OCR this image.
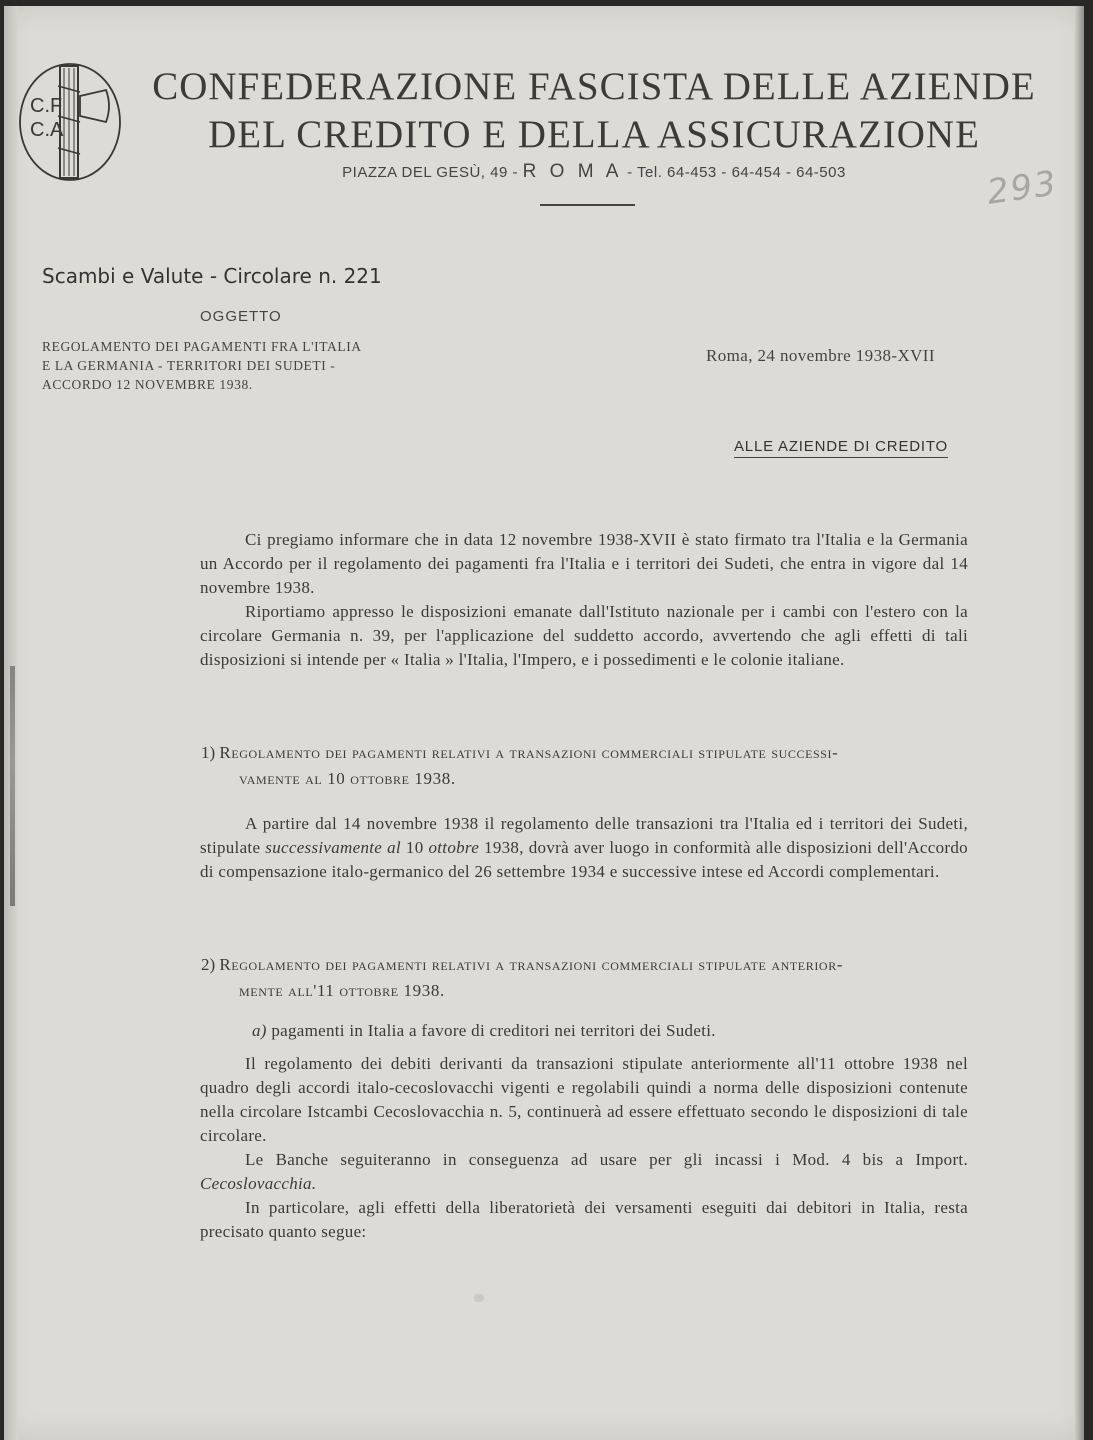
C.F
C.A
CONFEDERAZIONE FASCISTA DELLE AZIENDE
DEL CREDITO E DELLA ASSICURAZIONE
PIAZZA DEL GESÙ, 49 - R O M A - Tel. 64-453 - 64-454 - 64-503	293
Scambi e Valute - Circolare n. 221
OGGETTO
REGOLAMENTO DEI PAGAMENTI FRA L'ITALIA
E LA GERMANIA - TERRITORI DEI SUDETI -
ACCORDO 12 NOVEMBRE 1938.
Roma, 24 novembre 1938-XVII
ALLE AZIENDE DI CREDITO

Ci pregiamo informare che in data 12 novembre 1938-XVII è stato firmato tra l'Italia e la Germania un Accordo per il regolamento dei pagamenti fra l'Italia e i territori dei Sudeti, che entra in vigore dal 14 novembre 1938.

Riportiamo appresso le disposizioni emanate dall'Istituto nazionale per i cambi con l'estero con la circolare Germania n. 39, per l'applicazione del suddetto accordo, avvertendo che agli effetti di tali disposizioni si intende per « Italia » l'Italia, l'Impero, e i possedimenti e le colonie italiane.

1) Regolamento dei pagamenti relativi a transazioni commerciali stipulate successi-
vamente al 10 ottobre 1938.

A partire dal 14 novembre 1938 il regolamento delle transazioni tra l'Italia ed i territori dei Sudeti, stipulate successivamente al 10 ottobre 1938, dovrà aver luogo in conformità alle disposizioni dell'Accordo di compensazione italo-germanico del 26 settembre 1934 e successive intese ed Accordi complementari.

2) Regolamento dei pagamenti relativi a transazioni commerciali stipulate anterior-
mente all'11 ottobre 1938.
a) pagamenti in Italia a favore di creditori nei territori dei Sudeti.

Il regolamento dei debiti derivanti da transazioni stipulate anteriormente all'11 ottobre 1938 nel quadro degli accordi italo-cecoslovacchi vigenti e regolabili quindi a norma delle disposizioni contenute nella circolare Istcambi Cecoslovacchia n. 5, continuerà ad essere effettuato secondo le disposizioni di tale circolare.

Le Banche seguiteranno in conseguenza ad usare per gli incassi i Mod. 4 bis a Import. Cecoslovacchia.

In particolare, agli effetti della liberatorietà dei versamenti eseguiti dai debitori in Italia, resta precisato quanto segue:
